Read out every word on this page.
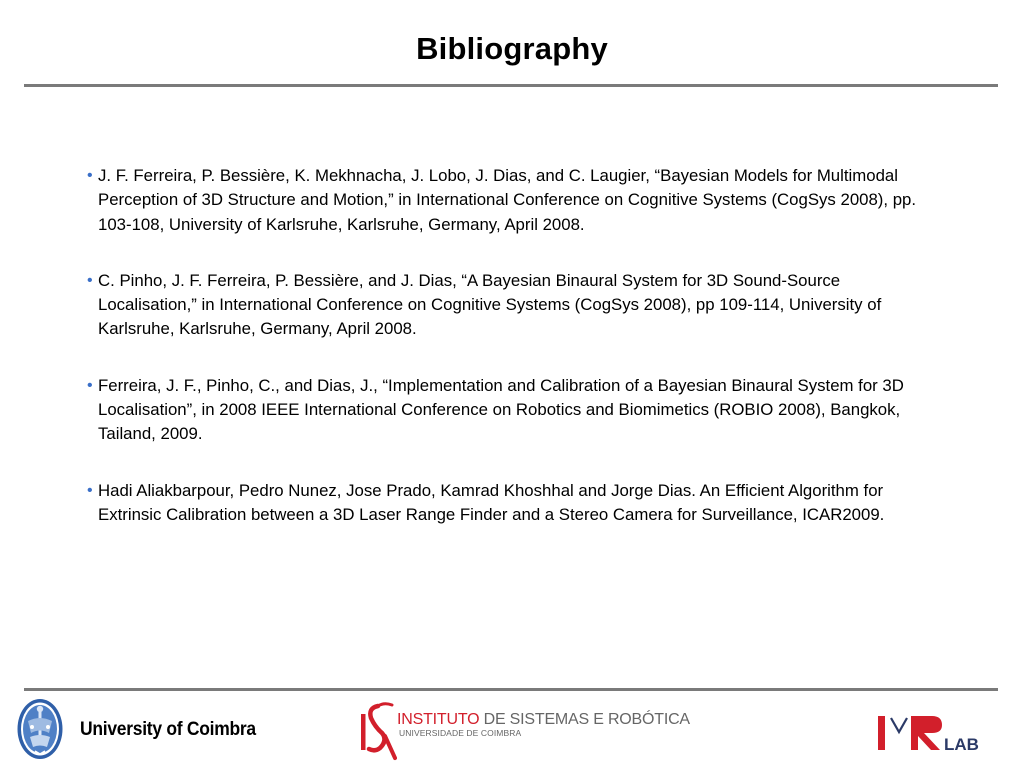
Bibliography
• J. F. Ferreira, P. Bessière, K. Mekhnacha, J. Lobo, J. Dias, and C. Laugier, “Bayesian Models for Multimodal Perception of 3D Structure and Motion,” in International Conference on Cognitive Systems (CogSys 2008), pp. 103-108, University of Karlsruhe, Karlsruhe, Germany, April 2008.
• C. Pinho, J. F. Ferreira, P. Bessière, and J. Dias, “A Bayesian Binaural System for 3D Sound-Source Localisation,” in International Conference on Cognitive Systems (CogSys 2008), pp 109-114, University of Karlsruhe, Karlsruhe, Germany, April 2008.
• Ferreira, J. F., Pinho, C., and Dias, J., “Implementation and Calibration of a Bayesian Binaural System for 3D Localisation”, in 2008 IEEE International Conference on Robotics and Biomimetics (ROBIO 2008), Bangkok, Tailand, 2009.
• Hadi Aliakbarpour, Pedro Nunez, Jose Prado, Kamrad Khoshhal and Jorge Dias. An Efficient Algorithm for Extrinsic Calibration between a 3D Laser Range Finder and a Stereo Camera for Surveillance, ICAR2009.
University of Coimbra	INSTITUTO DE SISTEMAS E ROBÓTICA
UNIVERSIDADE DE COIMBRA
LAB
